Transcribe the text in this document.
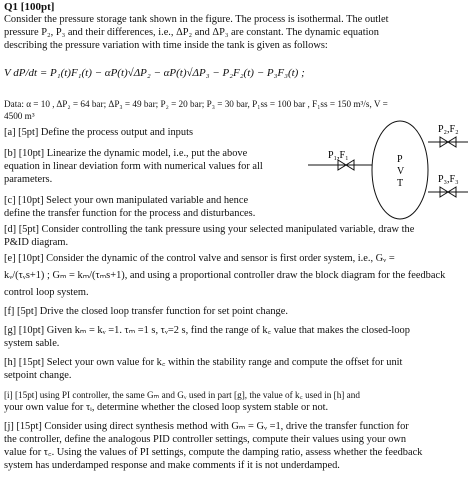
Q1 [100pt]
Consider the pressure storage tank shown in the figure. The process is isothermal. The outlet
pressure P₂, P₃ and their differences, i.e., ΔP₂ and ΔP₃ are constant. The dynamic equation
describing the pressure variation with time inside the tank is given as follows:
V dP/dt = P₁(t)F₁(t) − αP(t)√ΔP₂ − αP(t)√ΔP₃ − P₂F₂(t) − P₃F₃(t) ;
Data: α = 10 , ΔP₂ = 64 bar; ΔP₃ = 49 bar; P₂ = 20 bar; P₃ = 30 bar, P₁ss = 100 bar , F₁ss = 150 m³/s, V =
4500 m³
[a] [5pt] Define the process output and inputs
[b] [10pt] Linearize the dynamic model, i.e., put the above
equation in linear deviation form with numerical values for all
parameters.
[c] [10pt] Select your own manipulated variable and hence
define the transfer function for the process and disturbances.
[d] [5pt] Consider controlling the tank pressure using your selected manipulated variable, draw the
P&ID diagram.
[e] [10pt] Consider the dynamic of the control valve and sensor is first order system, i.e., Gᵥ =
kᵥ/(τᵥs+1) ; Gₘ = kₘ/(τₘs+1), and using a proportional controller draw the block diagram for the feedback
control loop system.
[f] [5pt] Drive the closed loop transfer function for set point change.
[g] [10pt] Given kₘ = kᵥ =1. τₘ =1 s, τᵥ=2 s, find the range of k꜀ value that makes the closed-loop
system sable.
[h] [15pt] Select your own value for k꜀ within the stability range and compute the offset for unit
setpoint change.
[i] [15pt] using PI controller, the same Gₘ and Gᵥ used in part [g], the value of k꜀ used in [h] and
your own value for τᵢ, determine whether the closed loop system stable or not.
[j] [15pt] Consider using direct synthesis method with Gₘ = Gᵥ =1, drive the transfer function for
the controller, define the analogous PID controller settings, compute their values using your own
value for τ꜀. Using the values of PI settings, compute the damping ratio, assess whether the feedback
system has underdamped response and make comments if it is not underdamped.
P₁,F₁	P
V
T
P₂,F₂
P₃,F₃
